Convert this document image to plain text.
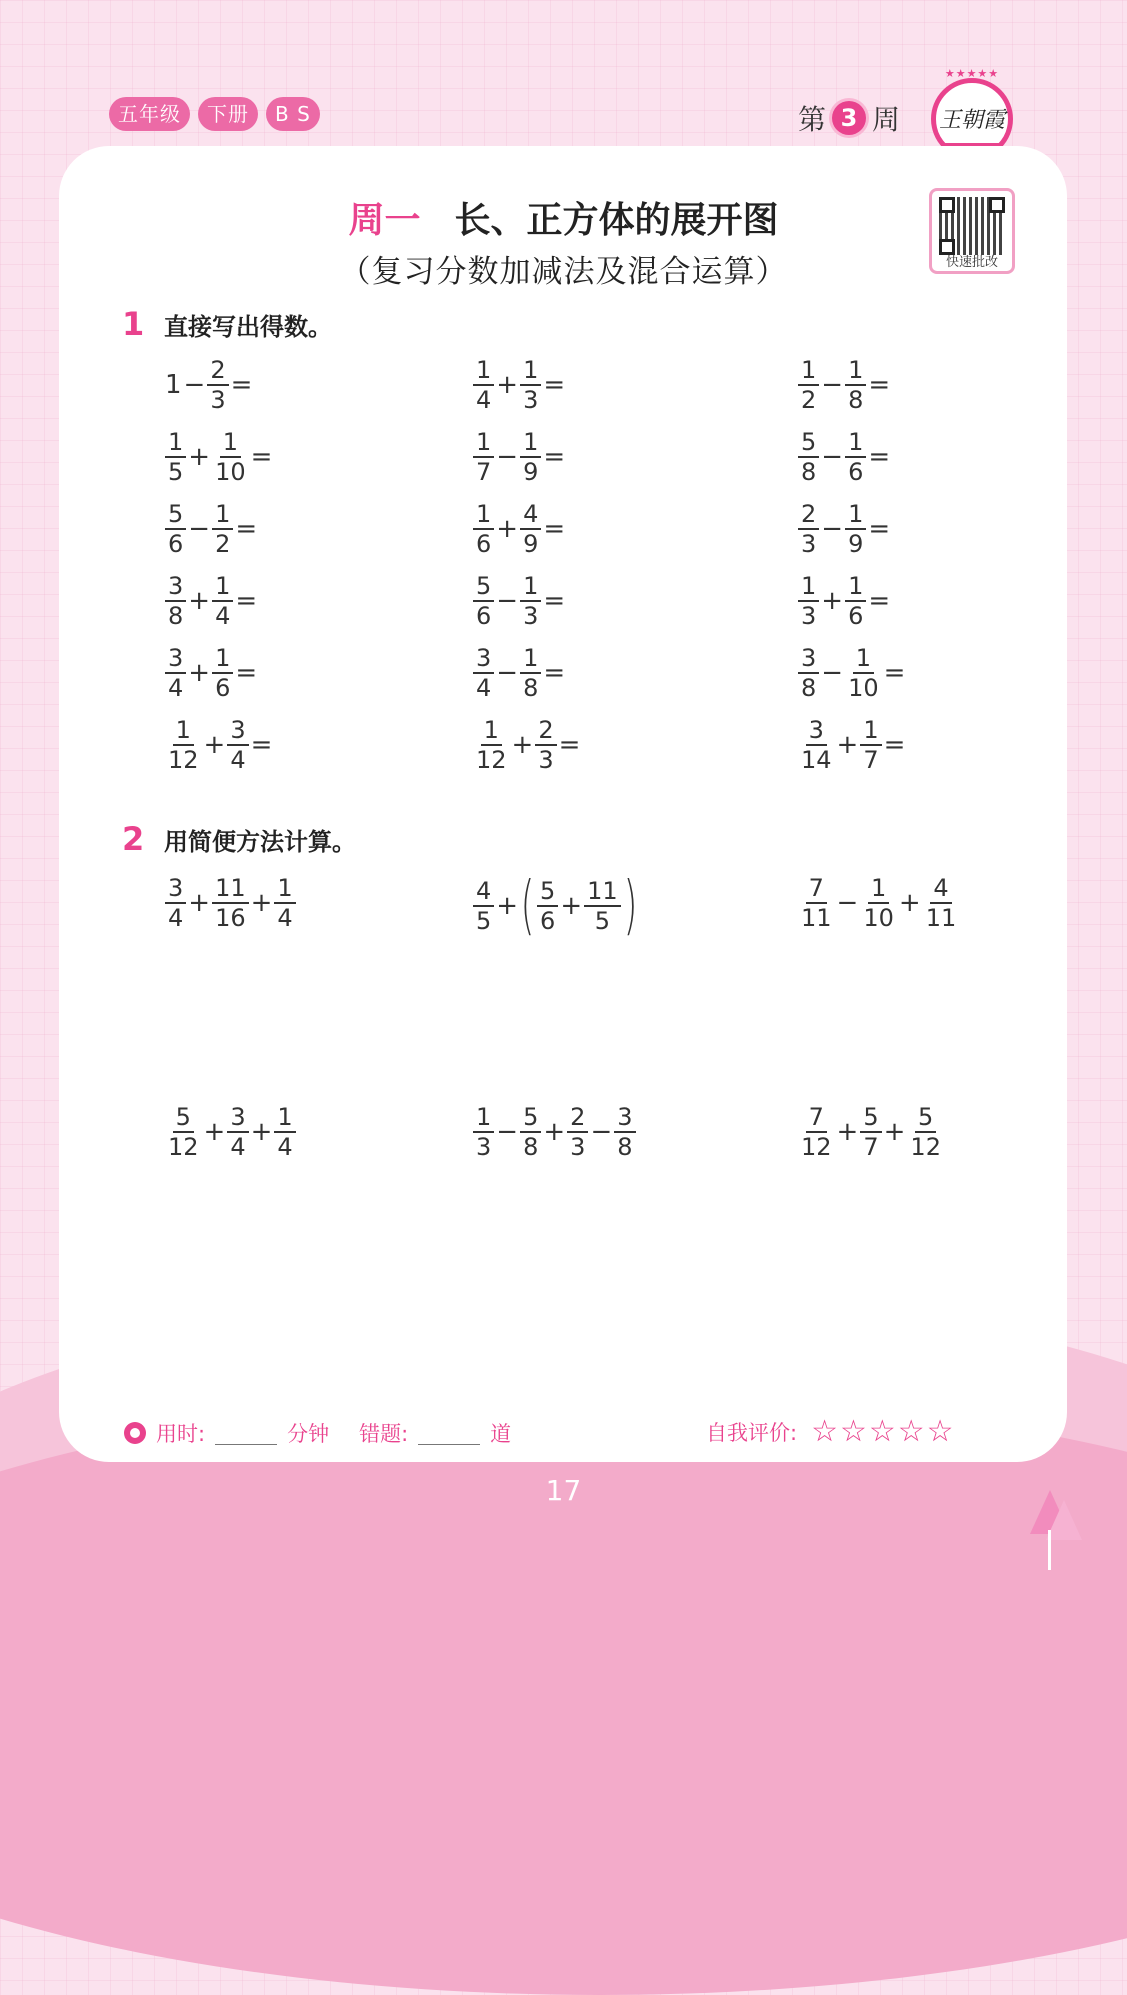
五年级	下册	B S	第 3 周
★★★★★
王朝霞
周一 长、正方体的展开图
（复习分数加减法及混合运算）	快速批改
1 直接写出得数。
$1 - \frac{2}{3}$ =	$\frac{1}{4} + \frac{1}{3}$ =	$\frac{1}{2} - \frac{1}{8}$ =
$\frac{1}{5} + \frac{1}{10}$ =	$\frac{1}{7} - \frac{1}{9}$ =	$\frac{5}{8} - \frac{1}{6}$ =
$\frac{5}{6} - \frac{1}{2}$ =	$\frac{1}{6} + \frac{4}{9}$ =	$\frac{2}{3} - \frac{1}{9}$ =
$\frac{3}{8} + \frac{1}{4}$ =	$\frac{5}{6} - \frac{1}{3}$ =	$\frac{1}{3} + \frac{1}{6}$ =
$\frac{3}{4} + \frac{1}{6}$ =	$\frac{3}{4} - \frac{1}{8}$ =	$\frac{3}{8} - \frac{1}{10}$ =
$\frac{1}{12} + \frac{3}{4}$ =	$\frac{1}{12} + \frac{2}{3}$ =	$\frac{3}{14} + \frac{1}{7}$ =
2 用简便方法计算。
$\frac{3}{4} + \frac{11}{16} + \frac{1}{4}$	$\frac{4}{5}$ + ( $\frac{5}{6} + \frac{11}{5}$ )	$\frac{7}{11} - \frac{1}{10} + \frac{4}{11}$
$\frac{5}{12} + \frac{3}{4} + \frac{1}{4}$	$\frac{1}{3} - \frac{5}{8} + \frac{2}{3} - \frac{3}{8}$	$\frac{7}{12} + \frac{5}{7} + \frac{5}{12}$
用时:	分钟 错题:	道	自我评价: ☆☆☆☆☆
17
